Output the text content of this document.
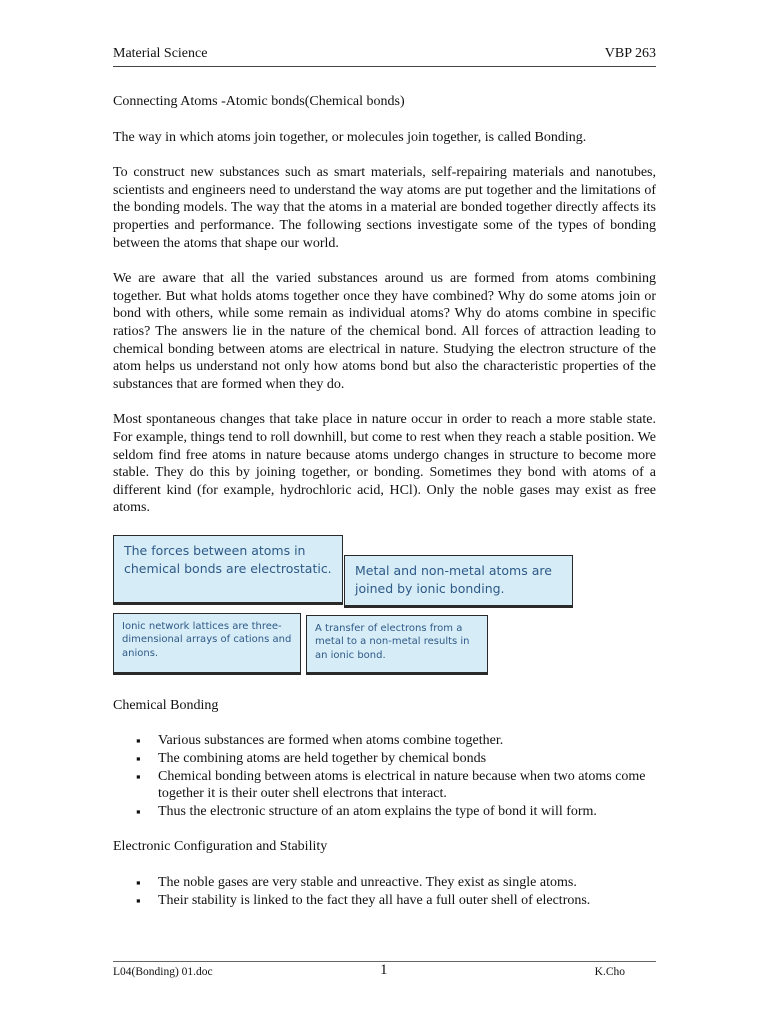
Material Science	VBP 263
Connecting Atoms -Atomic bonds(Chemical bonds)

The way in which atoms join together, or molecules join together, is called Bonding.

To construct new substances such as smart materials, self-repairing materials and nanotubes, scientists and engineers need to understand the way atoms are put together and the limitations of the bonding models. The way that the atoms in a material are bonded together directly affects its properties and performance. The following sections investigate some of the types of bonding between the atoms that shape our world.

We are aware that all the varied substances around us are formed from atoms combining together. But what holds atoms together once they have combined? Why do some atoms join or bond with others, while some remain as individual atoms? Why do atoms combine in specific ratios? The answers lie in the nature of the chemical bond. All forces of attraction leading to chemical bonding between atoms are electrical in nature. Studying the electron structure of the atom helps us understand not only how atoms bond but also the characteristic properties of the substances that are formed when they do.

Most spontaneous changes that take place in nature occur in order to reach a more stable state. For example, things tend to roll downhill, but come to rest when they reach a stable position. We seldom find free atoms in nature because atoms undergo changes in structure to become more stable. They do this by joining together, or bonding. Sometimes they bond with atoms of a different kind (for example, hydrochloric acid, HCl). Only the noble gases may exist as free atoms.

The forces between atoms in chemical bonds are electrostatic.	Metal and non-metal atoms are joined by ionic bonding.
Ionic network lattices are three-dimensional arrays of cations and anions.
A transfer of electrons from a metal to a non-metal results in an ionic bond.
Chemical Bonding
▪ Various substances are formed when atoms combine together.
▪ The combining atoms are held together by chemical bonds
▪ Chemical bonding between atoms is electrical in nature because when two atoms come together it is their outer shell electrons that interact.
▪ Thus the electronic structure of an atom explains the type of bond it will form.
Electronic Configuration and Stability
▪ The noble gases are very stable and unreactive. They exist as single atoms.
▪ Their stability is linked to the fact they all have a full outer shell of electrons.
L04(Bonding) 01.doc	1	K.Cho
